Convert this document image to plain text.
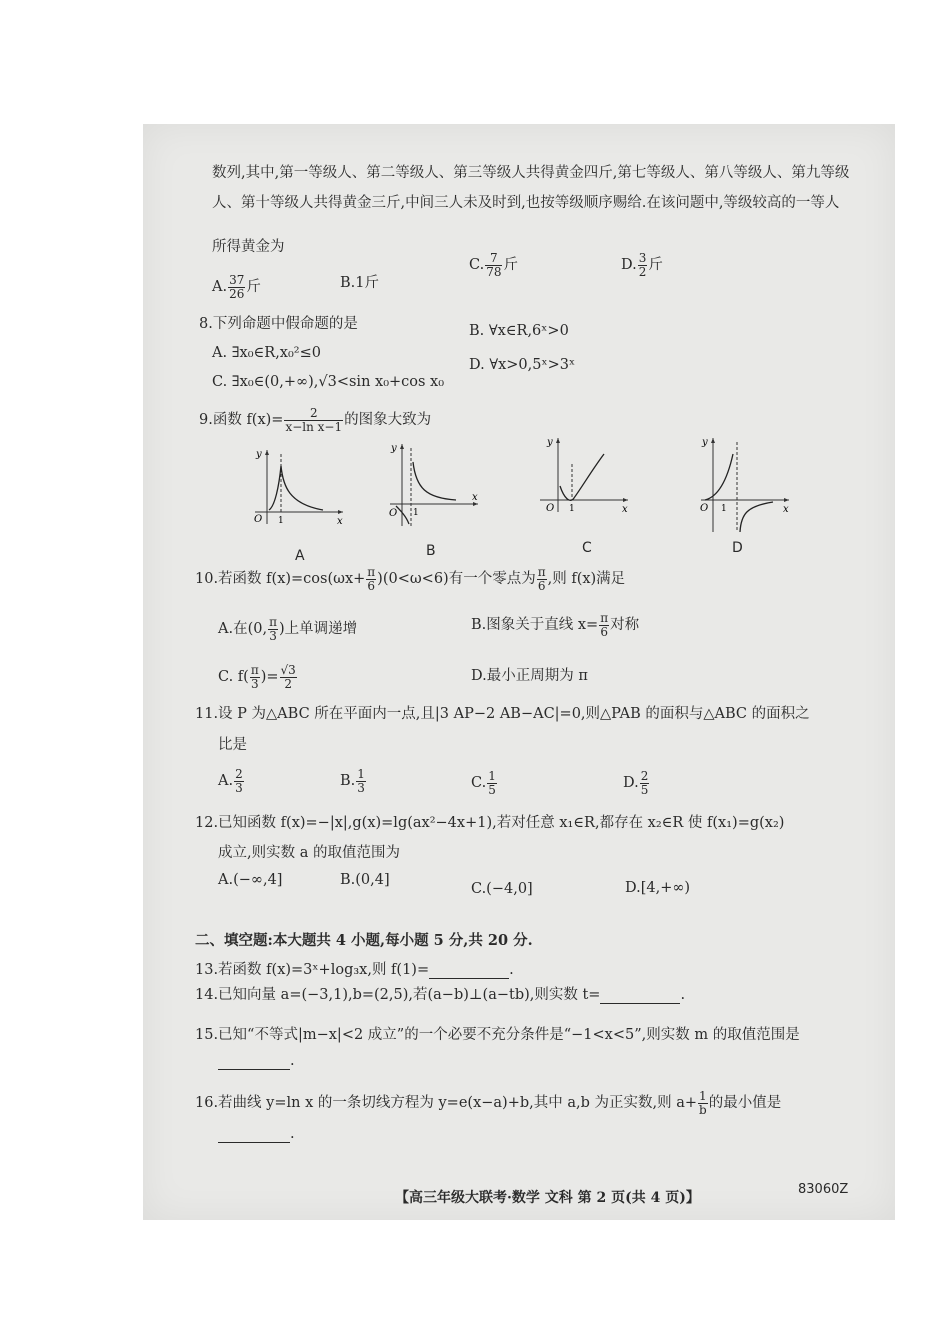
数列,其中,第一等级人、第二等级人、第三等级人共得黄金四斤,第七等级人、第八等级人、第九等级
人、第十等级人共得黄金三斤,中间三人未及时到,也按等级顺序赐给.在该问题中,等级较高的一等人
所得黄金为
A. $\frac{37}{26}$ 斤	B.1斤
C. $\frac{7}{78}$ 斤	D. $\frac{3}{2}$ 斤
8.下列命题中假命题的是
A. ∃x₀∈R,x₀²≤0
B. ∀x∈R,6ˣ>0
C. ∃x₀∈(0,+∞),√3<sin x₀+cos x₀
D. ∀x>0,5ˣ>3ˣ
9.函数 $f(x)= \frac{2}{\text{x−ln x−1}}$ 的图象大致为
y
x
O 1
A
y
x
O 1
B
y
x
O 1
C
y
x
O 1
D
10.若函数 $f(x)=\cos(\omega x+ \frac{\pi}{6} )(0<\omega<6)$有一个零点为 $\frac{\pi}{6}$ ,则 f(x)满足
A.在(0, $\frac{\pi}{3}$ )上单调递增	B.图象关于直线 $x= \frac{\pi}{6}$ 对称
C. $f( \frac{\pi}{3}$ )= $\frac{√3}{2}$	D.最小正周期为 π
11.设 P 为△ABC 所在平面内一点,且|3 AP−2 AB−AC|=0,则△PAB 的面积与△ABC 的面积之
比是
A. $\frac{2}{3}$	B. $\frac{1}{3}$	C. $\frac{1}{5}$	D. $\frac{2}{5}$
12.已知函数 f(x)=−|x|,g(x)=lg(ax²−4x+1),若对任意 x₁∈R,都存在 x₂∈R 使 f(x₁)=g(x₂)
成立,则实数 a 的取值范围为
A.(−∞,4]	B.(0,4]
C.(−4,0]	D.[4,+∞)
二、填空题:本大题共 4 小题,每小题 5 分,共 20 分.
13.若函数 f(x)=3ˣ+log₃x,则 f(1)=	.
14.已知向量 a=(−3,1),b=(2,5),若(a−b)⊥(a−tb),则实数 t=	.
15.已知“不等式|m−x|<2 成立”的一个必要不充分条件是“−1<x<5”,则实数 m 的取值范围是
.
16.若曲线 y=ln x 的一条切线方程为 y=e(x−a)+b,其中 a,b 为正实数,则 $a+ \frac{1}{b}$ 的最小值是
.
【高三年级大联考·数学 文科 第 2 页(共 4 页)】
83060Z
